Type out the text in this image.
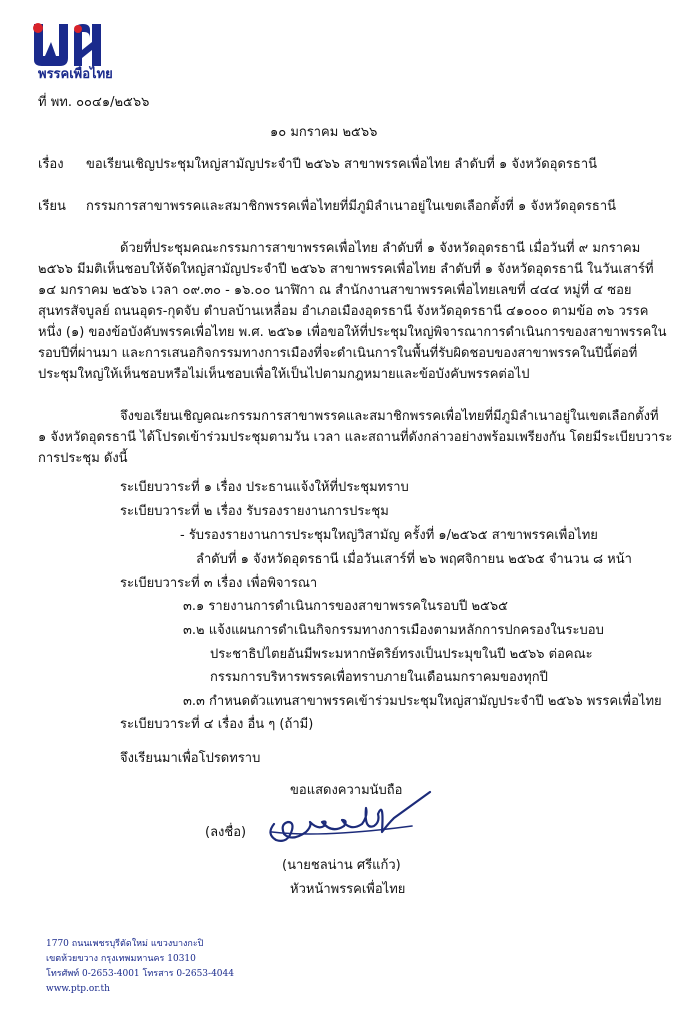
พรรคเพื่อไทย
ที่ พท. ๐๐๔๑/๒๕๖๖
๑๐ มกราคม ๒๕๖๖
เรื่อง ขอเรียนเชิญประชุมใหญ่สามัญประจำปี ๒๕๖๖ สาขาพรรคเพื่อไทย ลำดับที่ ๑ จังหวัดอุดรธานี
เรียน กรรมการสาขาพรรคและสมาชิกพรรคเพื่อไทยที่มีภูมิลำเนาอยู่ในเขตเลือกตั้งที่ ๑ จังหวัดอุดรธานี
ด้วยที่ประชุมคณะกรรมการสาขาพรรคเพื่อไทย ลำดับที่ ๑ จังหวัดอุดรธานี เมื่อวันที่ ๙ มกราคม
๒๕๖๖ มีมติเห็นชอบให้จัดใหญ่สามัญประจำปี ๒๕๖๖ สาขาพรรคเพื่อไทย ลำดับที่ ๑ จังหวัดอุดรธานี ในวันเสาร์ที่
๑๔ มกราคม ๒๕๖๖ เวลา ๐๙.๓๐ - ๑๖.๐๐ นาฬิกา ณ สำนักงานสาขาพรรคเพื่อไทยเลขที่ ๔๔๔ หมู่ที่ ๔ ซอย
สุนทรสัจบูลย์ ถนนอุดร-กุดจับ ตำบลบ้านเหลื่อม อำเภอเมืองอุดรธานี จังหวัดอุดรธานี ๔๑๐๐๐ ตามข้อ ๓๖ วรรค
หนึ่ง (๑) ของข้อบังคับพรรคเพื่อไทย พ.ศ. ๒๕๖๑ เพื่อขอให้ที่ประชุมใหญ่พิจารณาการดำเนินการของสาขาพรรคใน
รอบปีที่ผ่านมา และการเสนอกิจกรรมทางการเมืองที่จะดำเนินการในพื้นที่รับผิดชอบของสาขาพรรคในปีนี้ต่อที่
ประชุมใหญ่ให้เห็นชอบหรือไม่เห็นชอบเพื่อให้เป็นไปตามกฎหมายและข้อบังคับพรรคต่อไป
จึงขอเรียนเชิญคณะกรรมการสาขาพรรคและสมาชิกพรรคเพื่อไทยที่มีภูมิลำเนาอยู่ในเขตเลือกตั้งที่
๑ จังหวัดอุดรธานี ได้โปรดเข้าร่วมประชุมตามวัน เวลา และสถานที่ดังกล่าวอย่างพร้อมเพรียงกัน โดยมีระเบียบวาระ
การประชุม ดังนี้
ระเบียบวาระที่ ๑ เรื่อง ประธานแจ้งให้ที่ประชุมทราบ
ระเบียบวาระที่ ๒ เรื่อง รับรองรายงานการประชุม
- รับรองรายงานการประชุมใหญ่วิสามัญ ครั้งที่ ๑/๒๕๖๕ สาขาพรรคเพื่อไทย
ลำดับที่ ๑ จังหวัดอุดรธานี เมื่อวันเสาร์ที่ ๒๖ พฤศจิกายน ๒๕๖๕ จำนวน ๘ หน้า
ระเบียบวาระที่ ๓ เรื่อง เพื่อพิจารณา
๓.๑ รายงานการดำเนินการของสาขาพรรคในรอบปี ๒๕๖๕
๓.๒ แจ้งแผนการดำเนินกิจกรรมทางการเมืองตามหลักการปกครองในระบอบ
ประชาธิปไตยอันมีพระมหากษัตริย์ทรงเป็นประมุขในปี ๒๕๖๖ ต่อคณะ
กรรมการบริหารพรรคเพื่อทราบภายในเดือนมกราคมของทุกปี
๓.๓ กำหนดตัวแทนสาขาพรรคเข้าร่วมประชุมใหญ่สามัญประจำปี ๒๕๖๖ พรรคเพื่อไทย
ระเบียบวาระที่ ๔ เรื่อง อื่น ๆ (ถ้ามี)
จึงเรียนมาเพื่อโปรดทราบ
ขอแสดงความนับถือ
(ลงชื่อ)
(นายชลน่าน ศรีแก้ว)
หัวหน้าพรรคเพื่อไทย
1770 ถนนเพชรบุรีตัดใหม่ แขวงบางกะปิ
เขตห้วยขวาง กรุงเทพมหานคร 10310
โทรศัพท์ 0-2653-4001 โทรสาร 0-2653-4044
www.ptp.or.th
